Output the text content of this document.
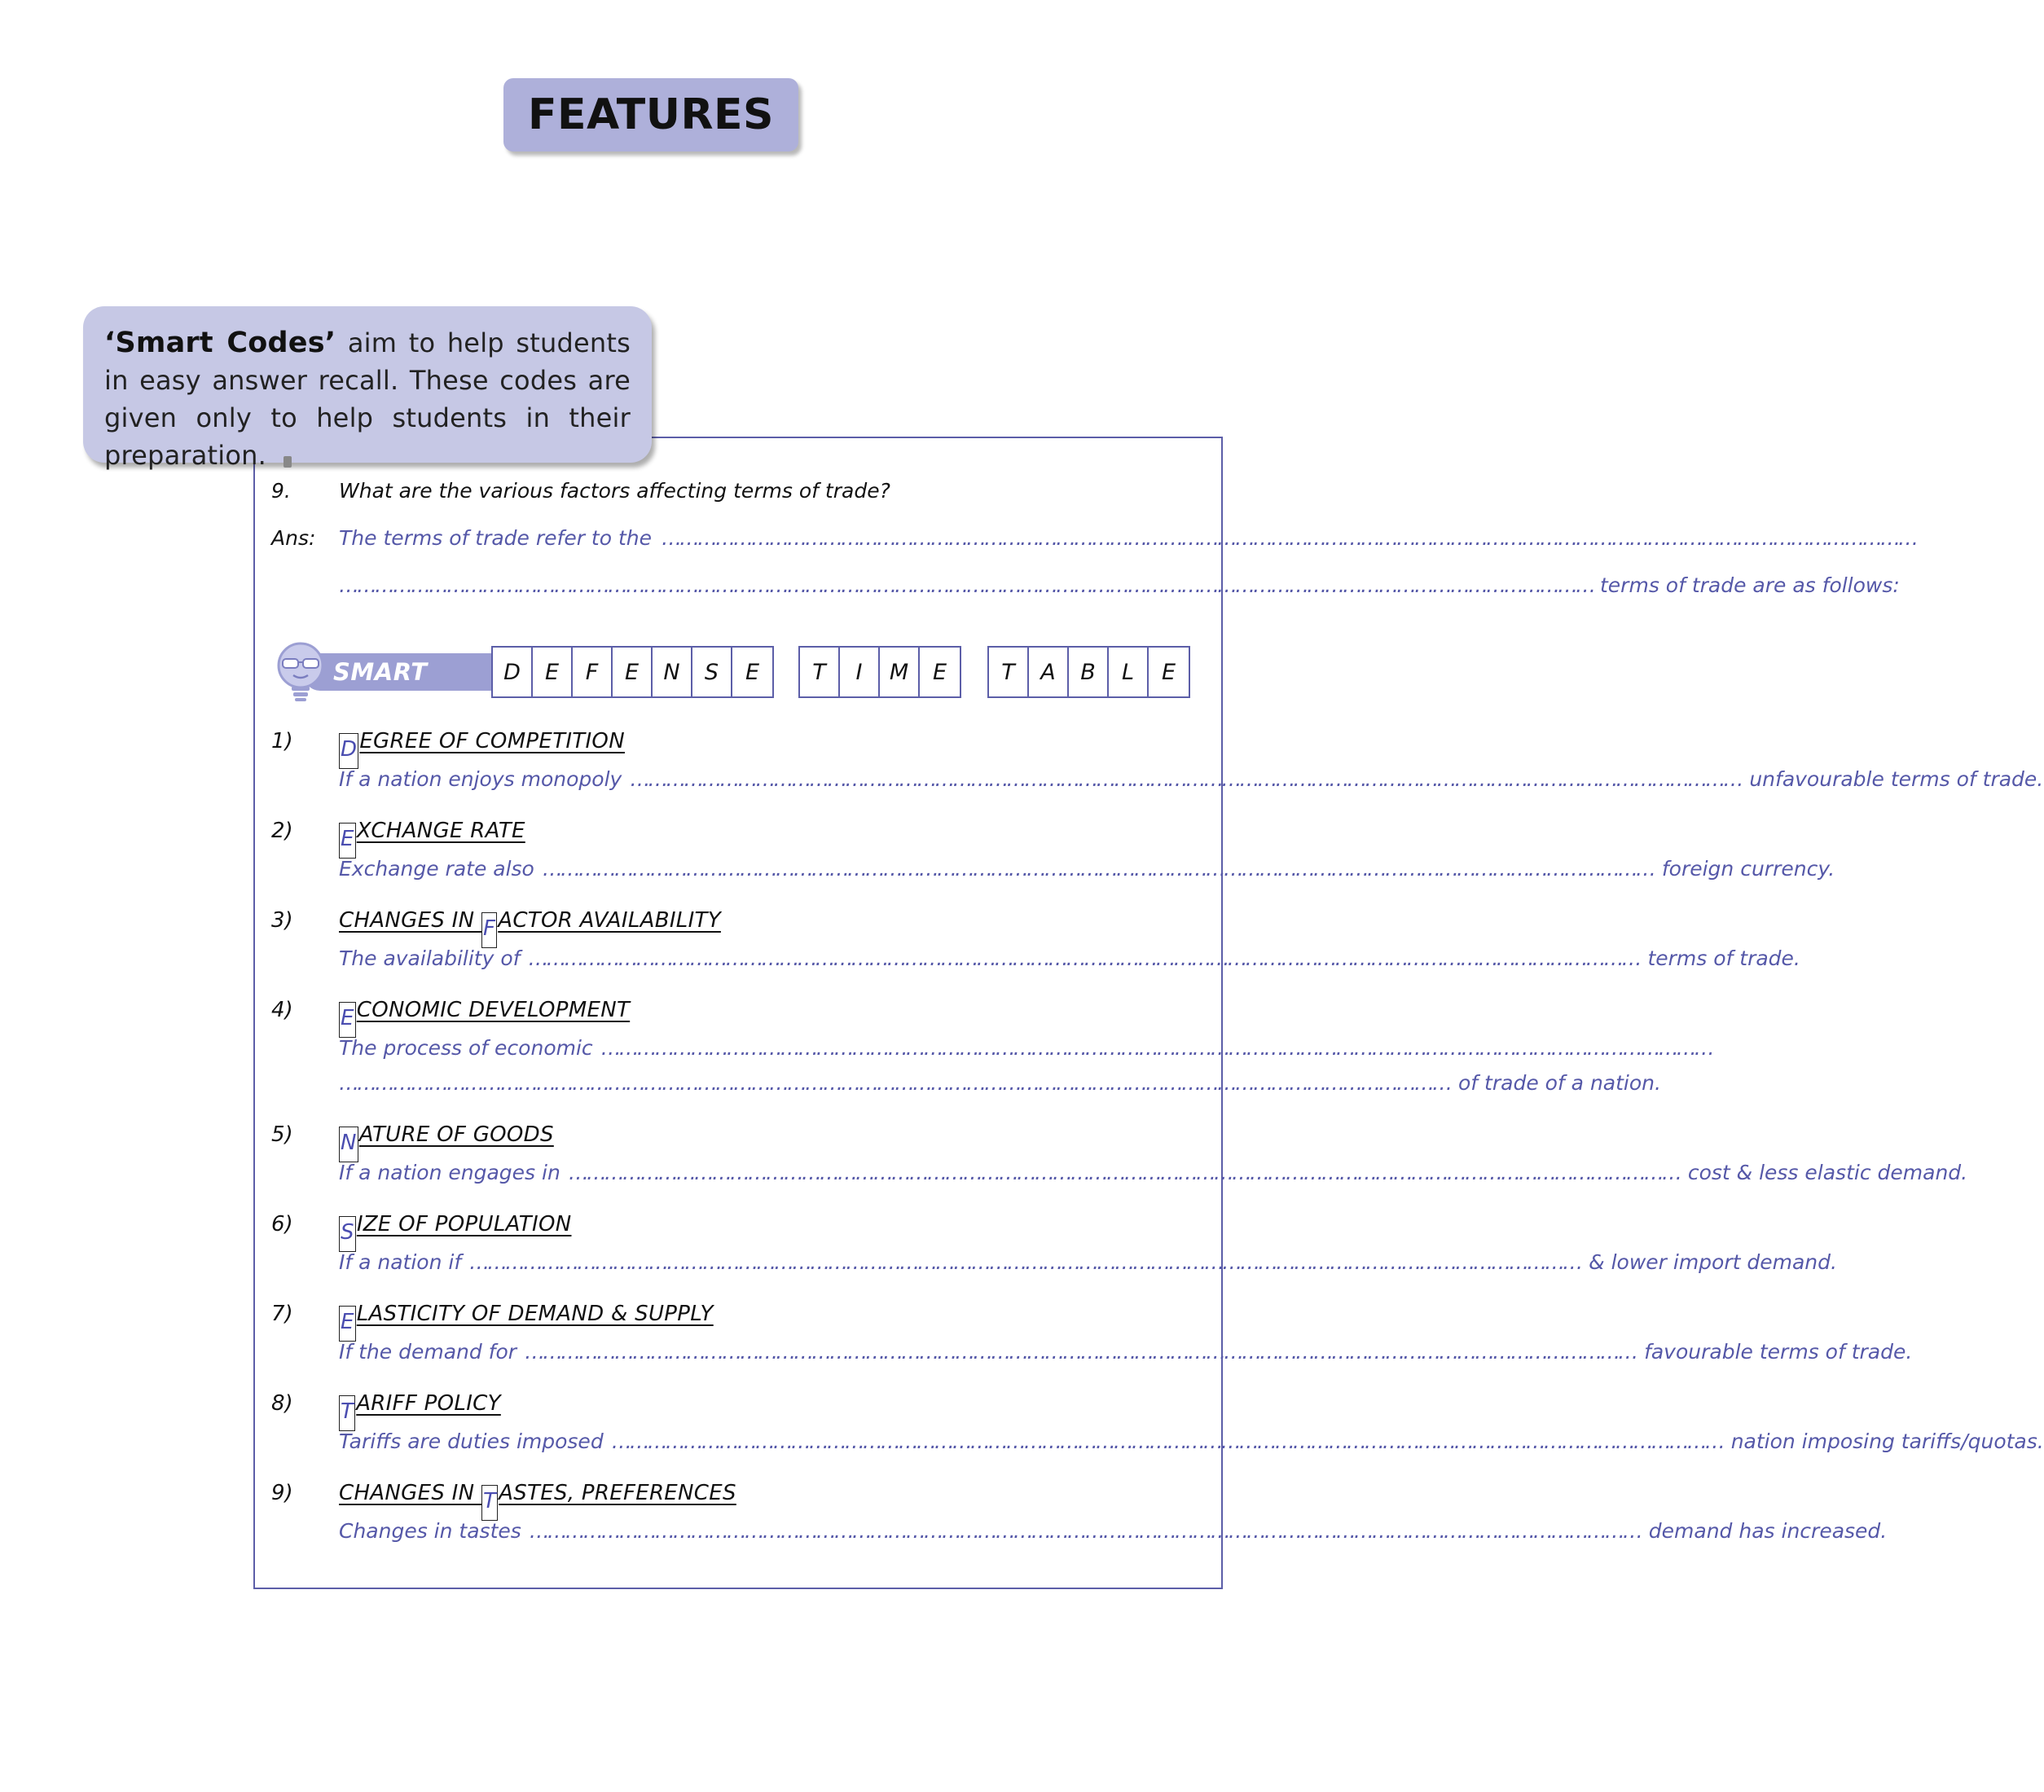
FEATURES
‘Smart Codes’ aim to help students in easy answer recall. These codes are given only to help students in their preparation.
9. What are the various factors affecting terms of trade?
Ans: The terms of trade refer to the …………………………………………………………………………………………………………………………………………………………………………………………
………………………………………………………………………………………………………………………………………………………………………………………… terms of trade are as follows:
SMART CODE
D	E	F	E	N	S	E	T	I	M	E	T	A	B	L	E
1) D EGREE OF COMPETITION
If a nation enjoys monopoly …………………………………………………………………………………………………………………………………………………………………… unfavourable terms of trade.
2) E XCHANGE RATE
Exchange rate also …………………………………………………………………………………………………………………………………………………………………… foreign currency.
3) CHANGES IN F ACTOR AVAILABILITY
The availability of …………………………………………………………………………………………………………………………………………………………………… terms of trade.
4) E CONOMIC DEVELOPMENT
The process of economic ……………………………………………………………………………………………………………………………………………………………………
…………………………………………………………………………………………………………………………………………………………………… of trade of a nation.
5) N ATURE OF GOODS
If a nation engages in …………………………………………………………………………………………………………………………………………………………………… cost & less elastic demand.
6) S IZE OF POPULATION
If a nation if …………………………………………………………………………………………………………………………………………………………………… & lower import demand.
7) E LASTICITY OF DEMAND & SUPPLY
If the demand for …………………………………………………………………………………………………………………………………………………………………… favourable terms of trade.
8) T ARIFF POLICY
Tariffs are duties imposed …………………………………………………………………………………………………………………………………………………………………… nation imposing tariffs/quotas.
9) CHANGES IN T ASTES, PREFERENCES
Changes in tastes …………………………………………………………………………………………………………………………………………………………………… demand has increased.
